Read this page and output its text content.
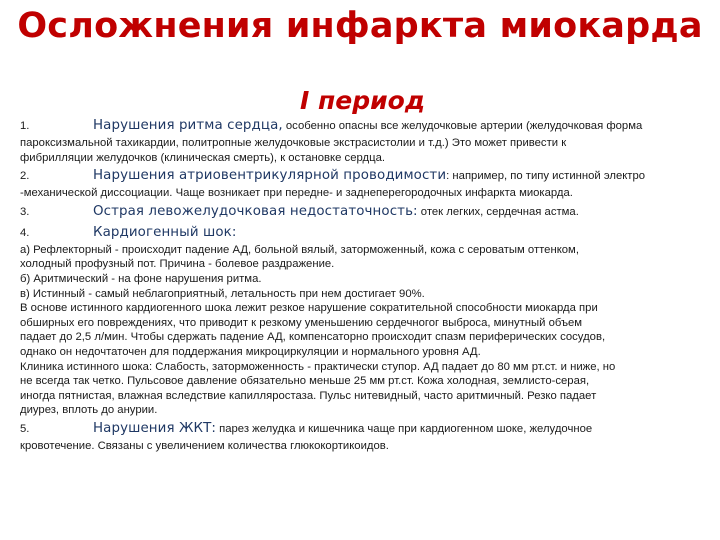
Осложнения инфаркта миокарда
I период
1.	Нарушения ритма сердца, особенно опасны все желудочковые артерии (желудочковая форма
пароксизмальной тахикардии, политропные желудочковые экстрасистолии и т.д.) Это может привести к
фибрилляции желудочков (клиническая смерть), к остановке сердца.
2.	Нарушения атриовентрикулярной проводимости: например, по типу истинной электро
-механической диссоциации. Чаще возникает при передне- и заднеперегородочных инфаркта миокарда.
3.	Острая левожелудочковая недостаточность: отек легких, сердечная астма.
4.	Кардиогенный шок:
а) Рефлекторный - происходит падение АД, больной вялый, заторможенный, кожа с сероватым оттенком,
холодный профузный пот. Причина - болевое раздражение.
б) Аритмический - на фоне нарушения ритма.
в) Истинный - самый неблагоприятный, летальность при нем достигает 90%.
В основе истинного кардиогенного шока лежит резкое нарушение сократительной способности миокарда при
обширных его повреждениях, что приводит к резкому уменьшению сердечногог выброса, минутный объем
падает до 2,5 л/мин. Чтобы сдержать падение АД, компенсаторно происходит спазм периферических сосудов,
однако он недочтаточен для поддержания микроциркуляции и нормального уровня АД.
Клиника истинного шока: Слабость, заторможенность - практически ступор. АД падает до 80 мм рт.ст. и ниже, но
не всегда так четко. Пульсовое давление обязательно меньше 25 мм рт.ст. Кожа холодная, землисто-серая,
иногда пятнистая, влажная вследствие капилляростаза. Пульс нитевидный, часто аритмичный. Резко падает
диурез, вплоть до анурии.
5.	Нарушения ЖКТ: парез желудка и кишечника чаще при кардиогенном шоке, желудочное
кровотечение. Связаны с увеличением количества глюкокортикоидов.
